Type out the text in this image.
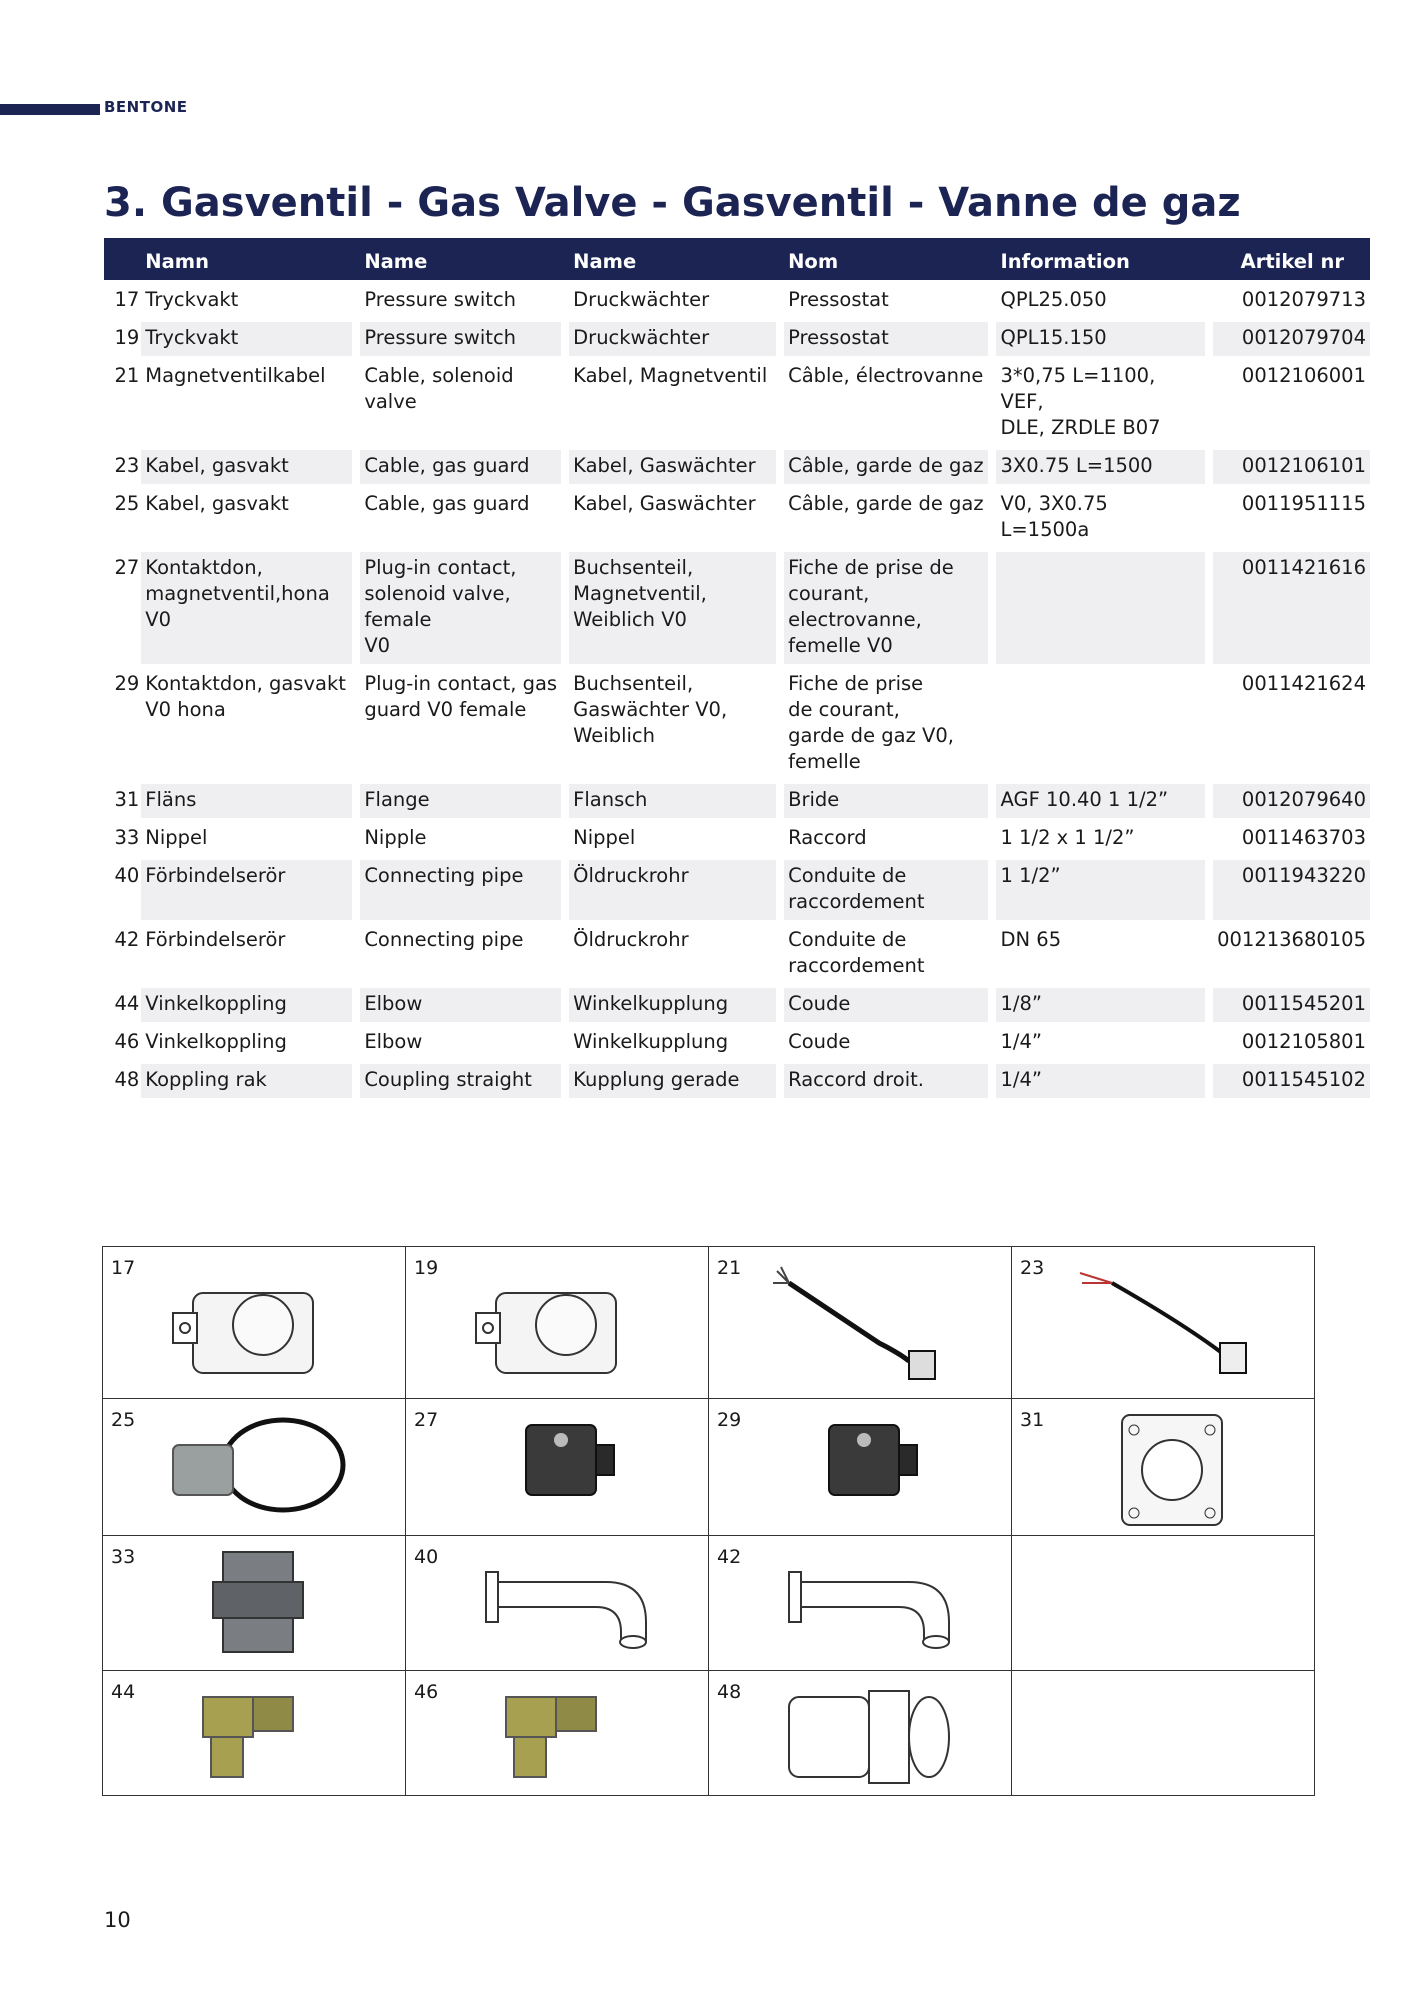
BENTONE
3. Gasventil - Gas Valve - Gasventil - Vanne de gaz
	Namn		Name		Name		Nom		Information		Artikel nr
17	Tryckvakt		Pressure switch		Druckwächter		Pressostat		QPL25.050		0012079713
19	Tryckvakt		Pressure switch		Druckwächter		Pressostat		QPL15.150		0012079704
21	Magnetventilkabel		Cable, solenoid valve		Kabel, Magnetventil		Câble, électrovanne		3*0,75 L=1100, VEF,
DLE, ZRDLE B07		0012106001
23	Kabel, gasvakt		Cable, gas guard		Kabel, Gaswächter		Câble, garde de gaz		3X0.75 L=1500		0012106101
25	Kabel, gasvakt		Cable, gas guard		Kabel, Gaswächter		Câble, garde de gaz		V0, 3X0.75 L=1500a		0011951115
27	Kontaktdon,
magnetventil,hona V0		Plug-in contact,
solenoid valve, female
V0		Buchsenteil,
Magnetventil,
Weiblich V0		Fiche de prise de
courant, electrovanne,
femelle V0				0011421616
29	Kontaktdon, gasvakt
V0 hona		Plug-in contact, gas
guard V0 female		Buchsenteil,
Gaswächter V0,
Weiblich		Fiche de prise
de courant,
garde de gaz V0,
femelle				0011421624
31	Fläns		Flange		Flansch		Bride		AGF 10.40 1 1/2”		0012079640
33	Nippel		Nipple		Nippel		Raccord		1 1/2 x 1 1/2”		0011463703
40	Förbindelserör		Connecting pipe		Öldruckrohr		Conduite de
raccordement		1 1/2”		0011943220
42	Förbindelserör		Connecting pipe		Öldruckrohr		Conduite de
raccordement		DN 65		001213680105
44	Vinkelkoppling		Elbow		Winkelkupplung		Coude		1/8”		0011545201
46	Vinkelkoppling		Elbow		Winkelkupplung		Coude		1/4”		0012105801
48	Koppling rak		Coupling straight		Kupplung gerade		Raccord droit.		1/4”		0011545102
17	19	21	23

25	27	29	31

33	40	42	

44	46	48	

10
